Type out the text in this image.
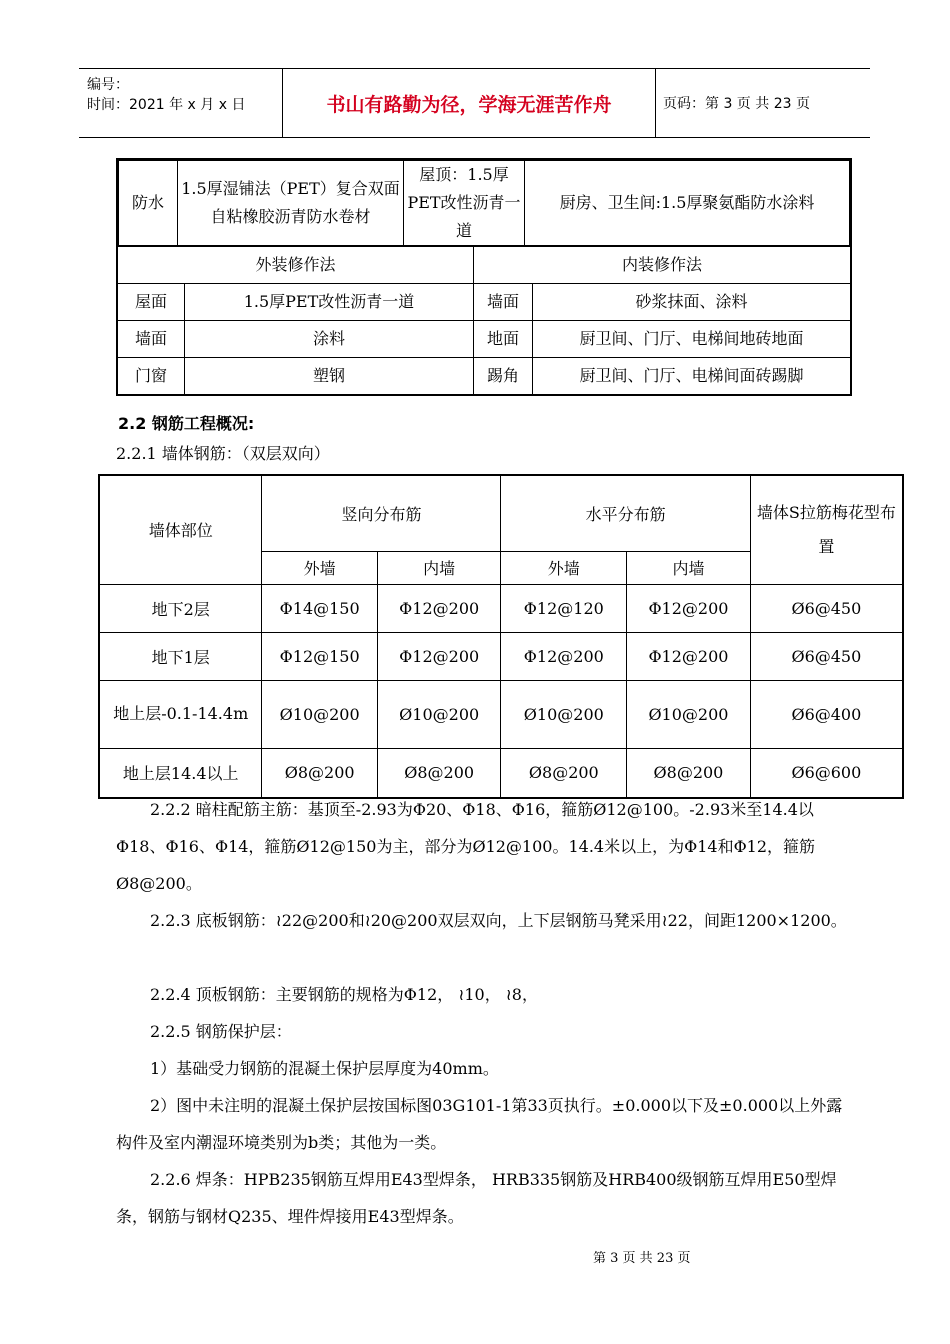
编号：
时间：2021 年 x 月 x 日	书山有路勤为径，学海无涯苦作舟	页码：第 3 页 共 23 页
防水	1.5厚湿铺法（PET）复合双面自粘橡胶沥青防水卷材	屋顶：1.5厚PET改性沥青一道	厨房、卫生间:1.5厚聚氨酯防水涂料

外装修作法	内装修作法
屋面	1.5厚PET改性沥青一道	墙面	砂浆抹面、涂料
墙面	涂料	地面	厨卫间、门厅、电梯间地砖地面
门窗	塑钢	踢角	厨卫间、门厅、电梯间面砖踢脚
2.2 钢筋工程概况:
2.2.1 墙体钢筋：（双层双向）
墙体部位	竖向分布筋		水平分布筋		墙体S拉筋梅花型布置
	外墙	内墙	外墙	内墙	
地下2层	Φ14@150	Φ12@200	Φ12@120	Φ12@200	Ø6@450
地下1层	Φ12@150	Φ12@200	Φ12@200	Φ12@200	Ø6@450
地上层-0.1-14.4m	Ø10@200	Ø10@200	Ø10@200	Ø10@200	Ø6@400
地上层14.4以上	Ø8@200	Ø8@200	Ø8@200	Ø8@200	Ø6@600

2.2.2 暗柱配筋主筋：基顶至-2.93为Φ20、Φ18、Φ16，箍筋Ø12@100。-2.93米至14.4以Φ18、Φ16、Φ14，箍筋Ø12@150为主，部分为Ø12@100。14.4米以上，为Φ14和Φ12，箍筋Ø8@200。

2.2.3 底板钢筋：≀22@200和≀20@200双层双向，上下层钢筋马凳采用≀22，间距1200×1200。

2.2.4 顶板钢筋：主要钢筋的规格为Φ12， ≀10， ≀8，

2.2.5 钢筋保护层：

1）基础受力钢筋的混凝土保护层厚度为40mm。

2）图中未注明的混凝土保护层按国标图03G101-1第33页执行。±0.000以下及±0.000以上外露构件及室内潮湿环境类别为b类；其他为一类。

2.2.6 焊条：HPB235钢筋互焊用E43型焊条， HRB335钢筋及HRB400级钢筋互焊用E50型焊条，钢筋与钢材Q235、埋件焊接用E43型焊条。

第 3 页 共 23 页
